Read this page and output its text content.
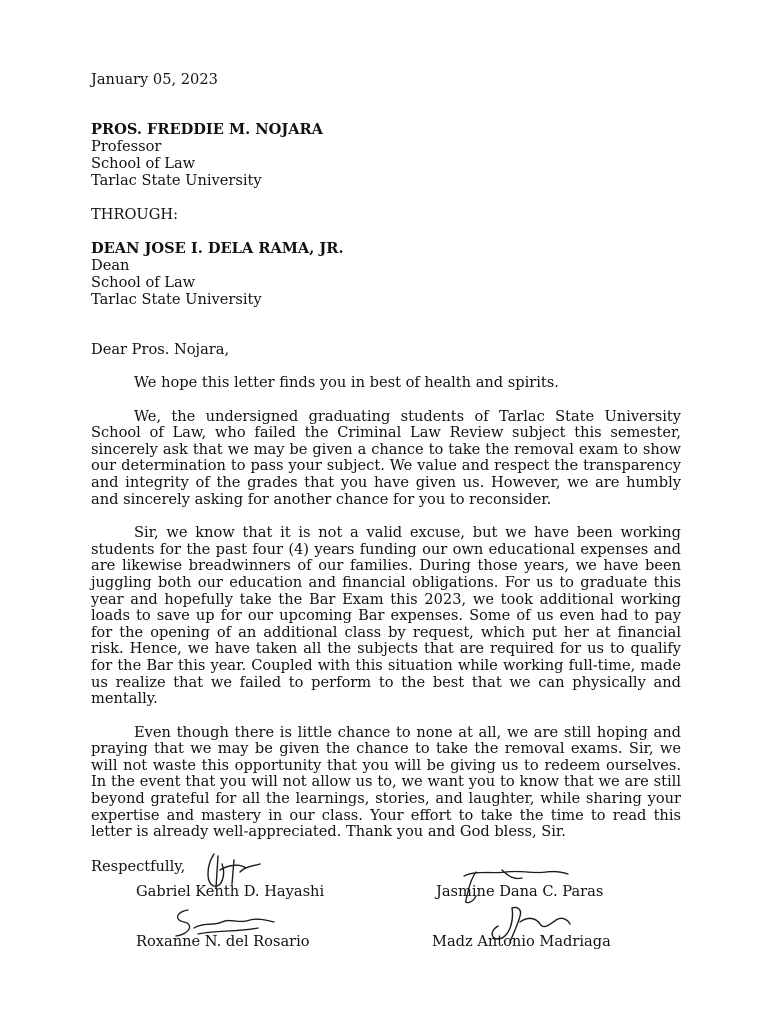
January 05, 2023
PROS. FREDDIE M. NOJARA
Professor
School of Law
Tarlac State University
THROUGH:
DEAN JOSE I. DELA RAMA, JR.
Dean
School of Law
Tarlac State University
Dear Pros. Nojara,

We hope this letter finds you in best of health and spirits.

We, the undersigned graduating students of Tarlac State University School of Law, who failed the Criminal Law Review subject this semester, sincerely ask that we may be given a chance to take the removal exam to show our determination to pass your subject. We value and respect the transparency and integrity of the grades that you have given us. However, we are humbly and sincerely asking for another chance for you to reconsider.

Sir, we know that it is not a valid excuse, but we have been working students for the past four (4) years funding our own educational expenses and are likewise breadwinners of our families. During those years, we have been juggling both our education and financial obligations. For us to graduate this year and hopefully take the Bar Exam this 2023, we took additional working loads to save up for our upcoming Bar expenses. Some of us even had to pay for the opening of an additional class by request, which put her at financial risk. Hence, we have taken all the subjects that are required for us to qualify for the Bar this year. Coupled with this situation while working full-time, made us realize that we failed to perform to the best that we can physically and mentally.

Even though there is little chance to none at all, we are still hoping and praying that we may be given the chance to take the removal exams. Sir, we will not waste this opportunity that you will be giving us to redeem ourselves. In the event that you will not allow us to, we want you to know that we are still beyond grateful for all the learnings, stories, and laughter, while sharing your expertise and mastery in our class. Your effort to take the time to read this letter is already well-appreciated. Thank you and God bless, Sir.

Respectfully,
Gabriel Kenth D. Hayashi	Jasmine Dana C. Paras
Roxanne N. del Rosario	Madz Antonio Madriaga
